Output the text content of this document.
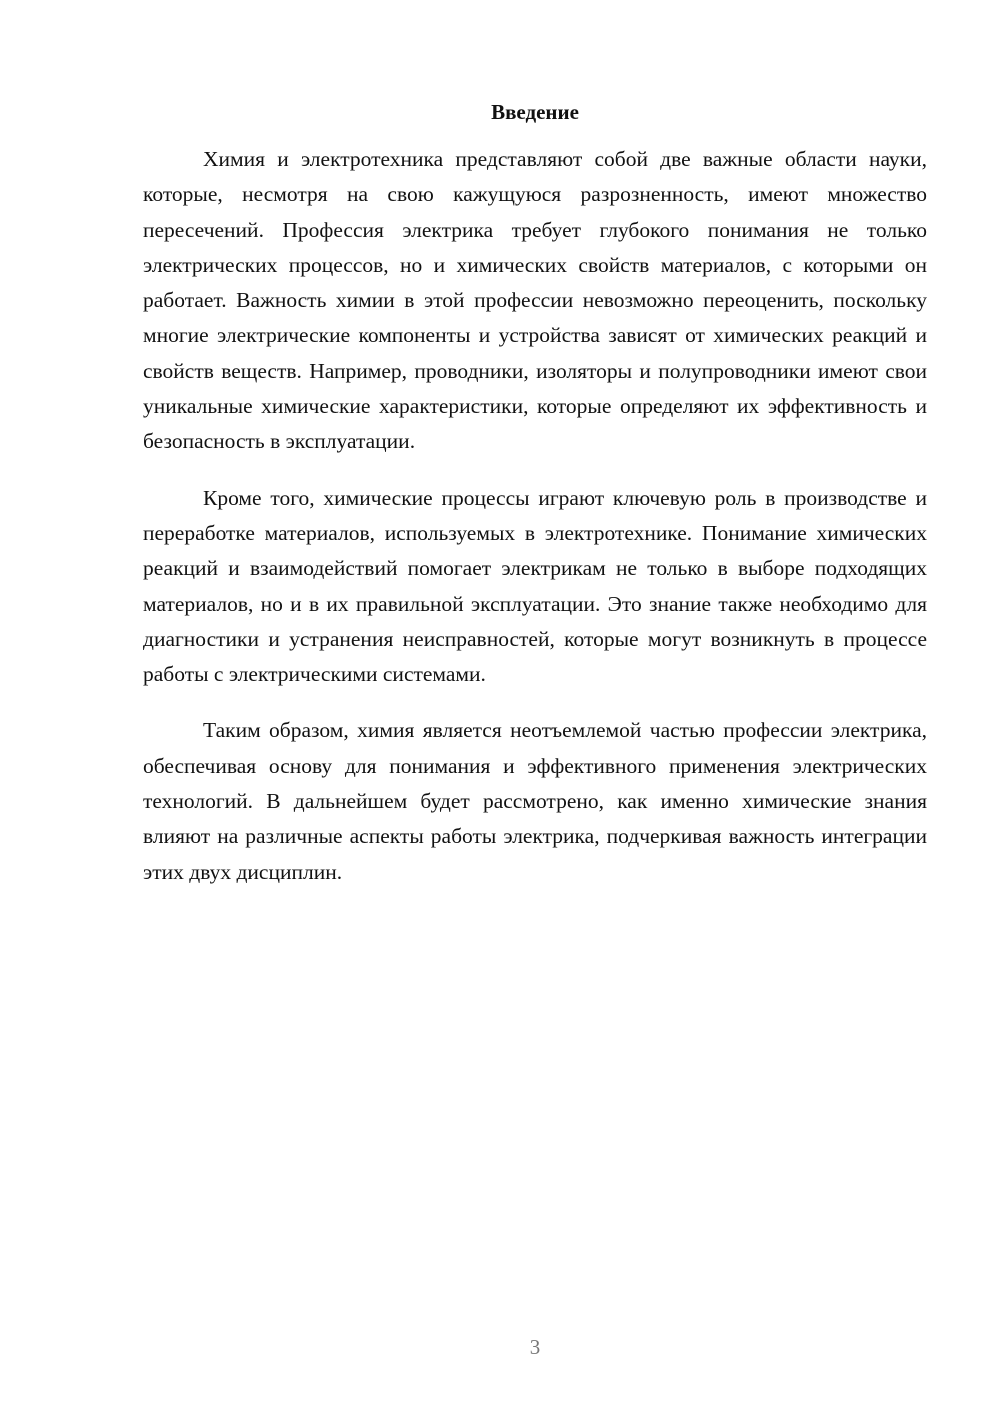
Введение

Химия и электротехника представляют собой две важные области науки, которые, несмотря на свою кажущуюся разрозненность, имеют множество пересечений. Профессия электрика требует глубокого понимания не только электрических процессов, но и химических свойств материалов, с которыми он работает. Важность химии в этой профессии невозможно переоценить, поскольку многие электрические компоненты и устройства зависят от химических реакций и свойств веществ. Например, проводники, изоляторы и полупроводники имеют свои уникальные химические характеристики, которые определяют их эффективность и безопасность в эксплуатации.

Кроме того, химические процессы играют ключевую роль в производстве и переработке материалов, используемых в электротехнике. Понимание химических реакций и взаимодействий помогает электрикам не только в выборе подходящих материалов, но и в их правильной эксплуатации. Это знание также необходимо для диагностики и устранения неисправностей, которые могут возникнуть в процессе работы с электрическими системами.

Таким образом, химия является неотъемлемой частью профессии электрика, обеспечивая основу для понимания и эффективного применения электрических технологий. В дальнейшем будет рассмотрено, как именно химические знания влияют на различные аспекты работы электрика, подчеркивая важность интеграции этих двух дисциплин.

3
